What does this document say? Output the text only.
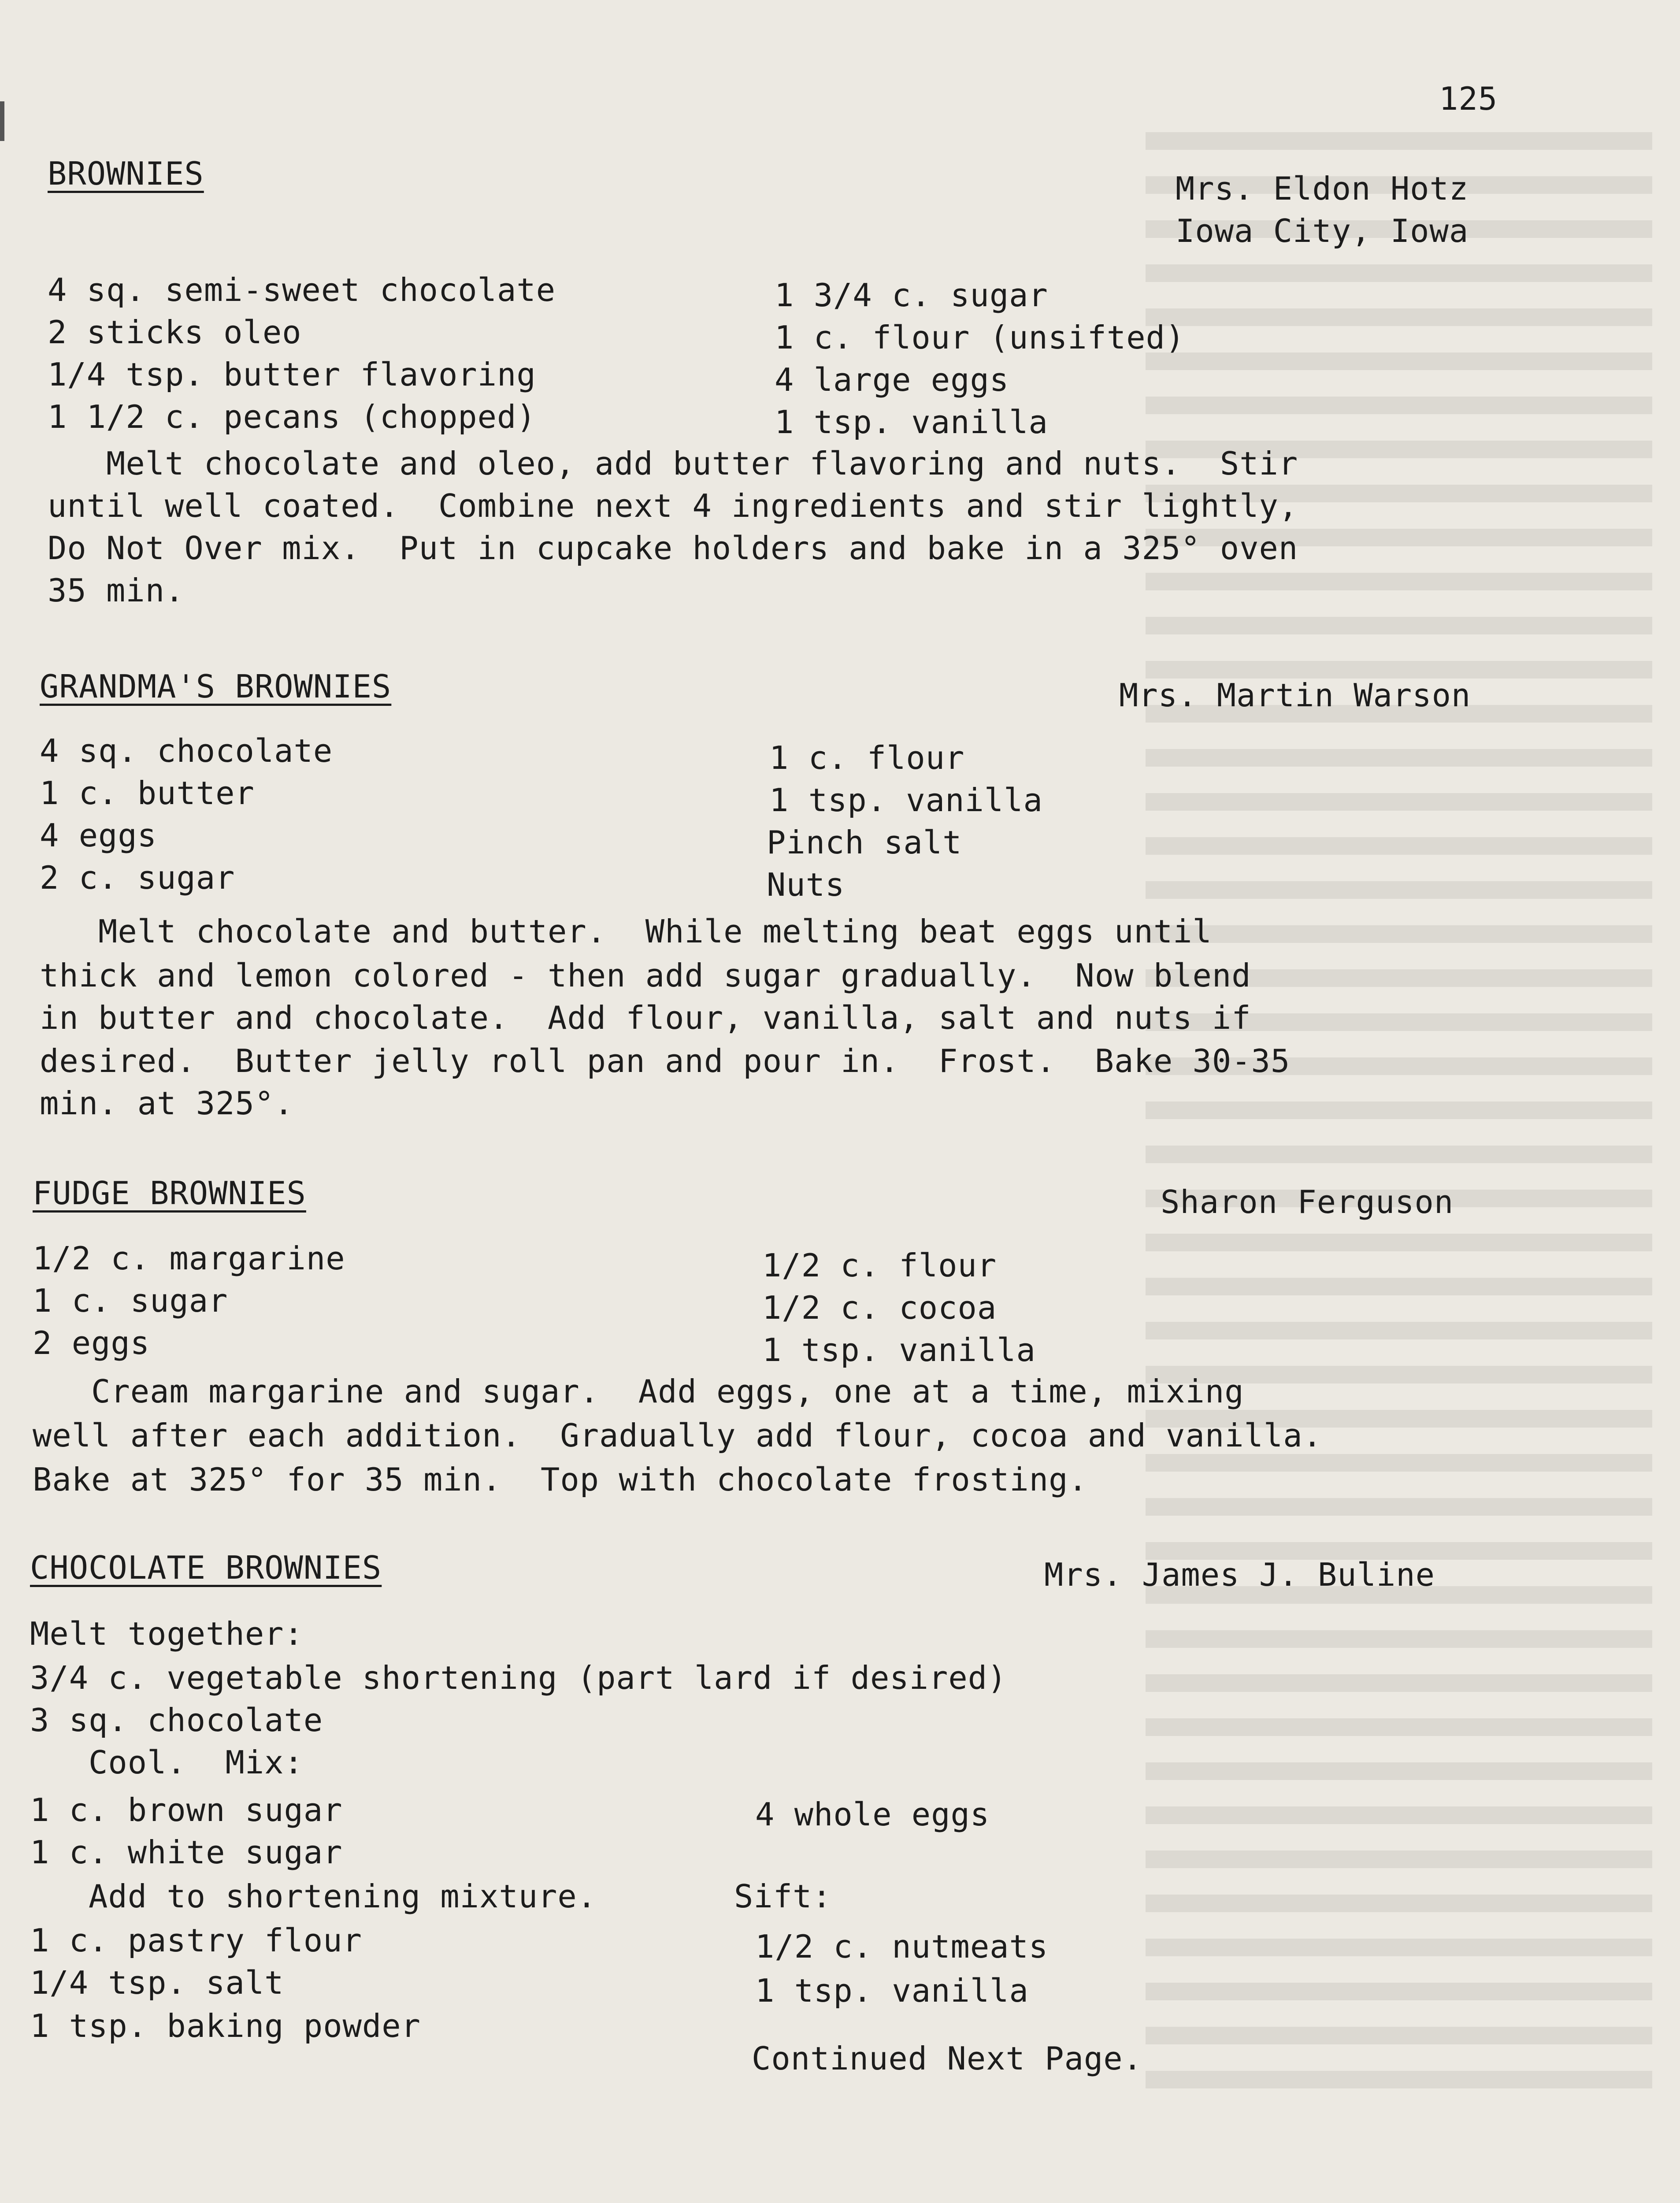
125
BROWNIES	Mrs. Eldon Hotz
Iowa City, Iowa
4 sq. semi-sweet chocolate
2 sticks oleo
1/4 tsp. butter flavoring
1 1/2 c. pecans (chopped)
1 3/4 c. sugar
1 c. flour (unsifted)
4 large eggs
1 tsp. vanilla
Melt chocolate and oleo, add butter flavoring and nuts.  Stir
until well coated.  Combine next 4 ingredients and stir lightly,
Do Not Over mix.  Put in cupcake holders and bake in a 325° oven
35 min.
GRANDMA'S BROWNIES	Mrs. Martin Warson
4 sq. chocolate
1 c. butter
4 eggs
2 c. sugar
1 c. flour
1 tsp. vanilla
Pinch salt
Nuts
Melt chocolate and butter.  While melting beat eggs until
thick and lemon colored - then add sugar gradually.  Now blend
in butter and chocolate.  Add flour, vanilla, salt and nuts if
desired.  Butter jelly roll pan and pour in.  Frost.  Bake 30-35
min. at 325°.
FUDGE BROWNIES	Sharon Ferguson
1/2 c. margarine
1 c. sugar
2 eggs
1/2 c. flour
1/2 c. cocoa
1 tsp. vanilla
Cream margarine and sugar.  Add eggs, one at a time, mixing
well after each addition.  Gradually add flour, cocoa and vanilla.
Bake at 325° for 35 min.  Top with chocolate frosting.
CHOCOLATE BROWNIES	Mrs. James J. Buline
Melt together:
3/4 c. vegetable shortening (part lard if desired)
3 sq. chocolate
Cool.  Mix:
1 c. brown sugar
1 c. white sugar
Add to shortening mixture.
1 c. pastry flour
1/4 tsp. salt
1 tsp. baking powder
4 whole eggs
Sift:
1/2 c. nutmeats
1 tsp. vanilla
Continued Next Page.
